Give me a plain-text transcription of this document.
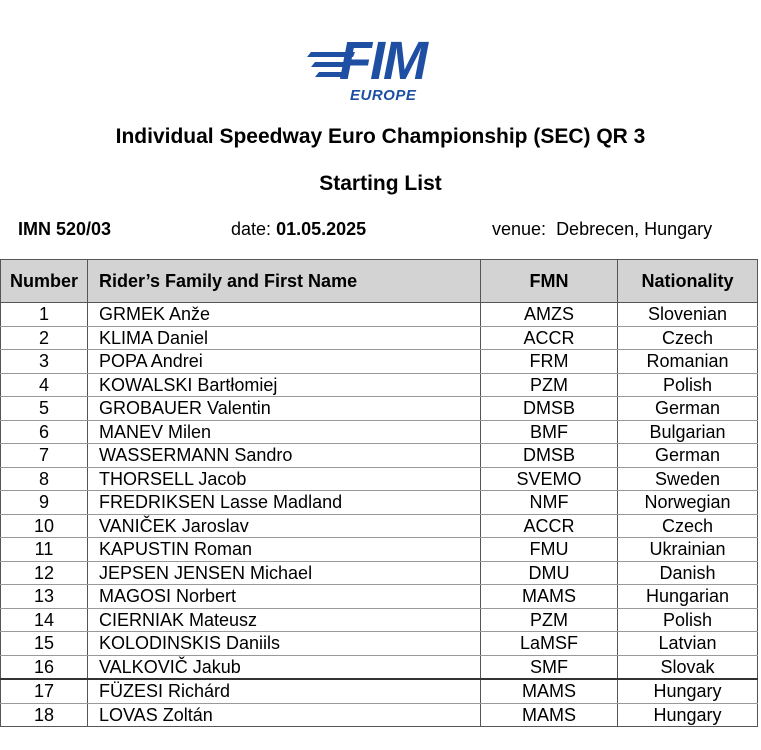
FIM
EUROPE
Individual Speedway Euro Championship (SEC) QR 3
Starting List
IMN 520/03	date: 01.05.2025	venue: Debrecen, Hungary
Number	Rider’s Family and First Name	FMN	Nationality
1	GRMEK Anže	AMZS	Slovenian
2	KLIMA Daniel	ACCR	Czech
3	POPA Andrei	FRM	Romanian
4	KOWALSKI Bartłomiej	PZM	Polish
5	GROBAUER Valentin	DMSB	German
6	MANEV Milen	BMF	Bulgarian
7	WASSERMANN Sandro	DMSB	German
8	THORSELL Jacob	SVEMO	Sweden
9	FREDRIKSEN Lasse Madland	NMF	Norwegian
10	VANIČEK Jaroslav	ACCR	Czech
11	KAPUSTIN Roman	FMU	Ukrainian
12	JEPSEN JENSEN Michael	DMU	Danish
13	MAGOSI Norbert	MAMS	Hungarian
14	CIERNIAK Mateusz	PZM	Polish
15	KOLODINSKIS Daniils	LaMSF	Latvian
16	VALKOVIČ Jakub	SMF	Slovak
17	FÜZESI Richárd	MAMS	Hungary
18	LOVAS Zoltán	MAMS	Hungary
